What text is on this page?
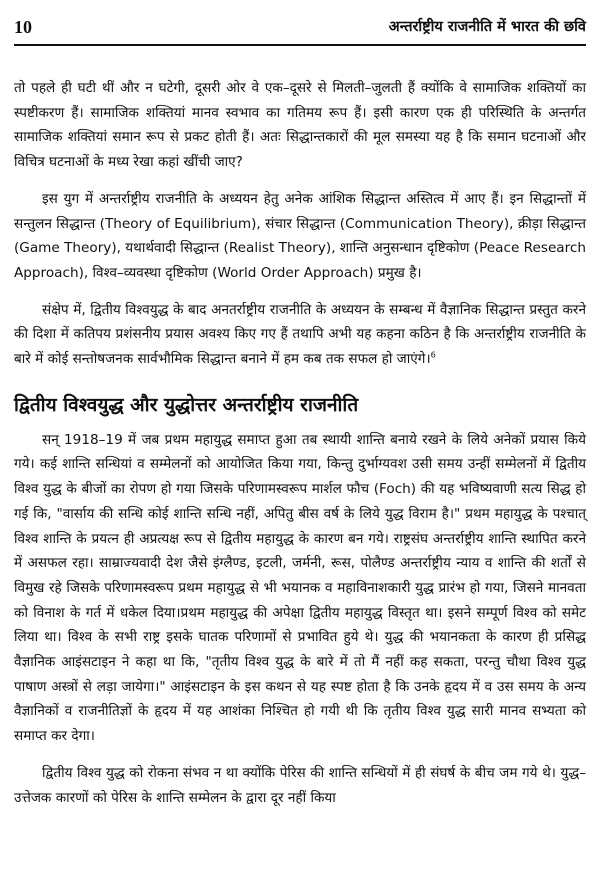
10	अन्तर्राष्ट्रीय राजनीति में भारत की छवि

तो पहले ही घटी थीं और न घटेगी, दूसरी ओर वे एक–दूसरे से मिलती–जुलती हैं क्योंकि वे सामाजिक शक्तियों का स्पष्टीकरण हैं। सामाजिक शक्तियां मानव स्वभाव का गतिमय रूप हैं। इसी कारण एक ही परिस्थिति के अन्तर्गत सामाजिक शक्तियां समान रूप से प्रकट होती हैं। अतः सिद्धान्तकारों की मूल समस्या यह है कि समान घटनाओं और विचित्र घटनाओं के मध्य रेखा कहां खींची जाए?

इस युग में अन्तर्राष्ट्रीय राजनीति के अध्ययन हेतु अनेक आंशिक सिद्धान्त अस्तित्व में आए हैं। इन सिद्धान्तों में सन्तुलन सिद्धान्त (Theory of Equilibrium), संचार सिद्धान्त (Communication Theory), क्रीड़ा सिद्धान्त (Game Theory), यथार्थवादी सिद्धान्त (Realist Theory), शान्ति अनुसन्धान दृष्टिकोण (Peace Research Approach), विश्व–व्यवस्था दृष्टिकोण (World Order Approach) प्रमुख है।

संक्षेप में, द्वितीय विश्वयुद्ध के बाद अनतर्राष्ट्रीय राजनीति के अध्ययन के सम्बन्ध में वैज्ञानिक सिद्धान्त प्रस्तुत करने की दिशा में कतिपय प्रशंसनीय प्रयास अवश्य किए गए हैं तथापि अभी यह कहना कठिन है कि अन्तर्राष्ट्रीय राजनीति के बारे में कोई सन्तोषजनक सार्वभौमिक सिद्धान्त बनाने में हम कब तक सफल हो जाएंगे।$^6$

द्वितीय विश्वयुद्ध और युद्धोत्तर अन्तर्राष्ट्रीय राजनीति

सन् 1918–19 में जब प्रथम महायुद्ध समाप्त हुआ तब स्थायी शान्ति बनाये रखने के लिये अनेकों प्रयास किये गये। कई शान्ति सन्धियां व सम्मेलनों को आयोजित किया गया, किन्तु दुर्भाग्यवश उसी समय उन्हीं सम्मेलनों में द्वितीय विश्व युद्ध के बीजों का रोपण हो गया जिसके परिणामस्वरूप मार्शल फौच (Foch) की यह भविष्यवाणी सत्य सिद्ध हो गई कि, "वार्साय की सन्धि कोई शान्ति सन्धि नहीं, अपितु बीस वर्ष के लिये युद्ध विराम है।" प्रथम महायुद्ध के पश्चात् विश्व शान्ति के प्रयत्न ही अप्रत्यक्ष रूप से द्वितीय महायुद्ध के कारण बन गये। राष्ट्रसंघ अन्तर्राष्ट्रीय शान्ति स्थापित करने में असफल रहा। साम्राज्यवादी देश जैसे इंग्लैण्ड, इटली, जर्मनी, रूस, पोलैण्ड अन्तर्राष्ट्रीय न्याय व शान्ति की शर्तों से विमुख रहे जिसके परिणामस्वरूप प्रथम महायुद्ध से भी भयानक व महाविनाशकारी युद्ध प्रारंभ हो गया, जिसने मानवता को विनाश के गर्त में धकेल दिया।प्रथम महायुद्ध की अपेक्षा द्वितीय महायुद्ध विस्तृत था। इसने सम्पूर्ण विश्व को समेट लिया था। विश्व के सभी राष्ट्र इसके घातक परिणामों से प्रभावित हुये थे। युद्ध की भयानकता के कारण ही प्रसिद्ध वैज्ञानिक आइंसटाइन ने कहा था कि, "तृतीय विश्व युद्ध के बारे में तो मैं नहीं कह सकता, परन्तु चौथा विश्व युद्ध पाषाण अस्त्रों से लड़ा जायेगा।" आइंसटाइन के इस कथन से यह स्पष्ट होता है कि उनके हृदय में व उस समय के अन्य वैज्ञानिकों व राजनीतिज्ञों के हृदय में यह आशंका निश्चित हो गयी थी कि तृतीय विश्व युद्ध सारी मानव सभ्यता को समाप्त कर देगा।

द्वितीय विश्व युद्ध को रोकना संभव न था क्योंकि पेरिस की शान्ति सन्धियों में ही संघर्ष के बीच जम गये थे। युद्ध–उत्तेजक कारणों को पेरिस के शान्ति सम्मेलन के द्वारा दूर नहीं किया
